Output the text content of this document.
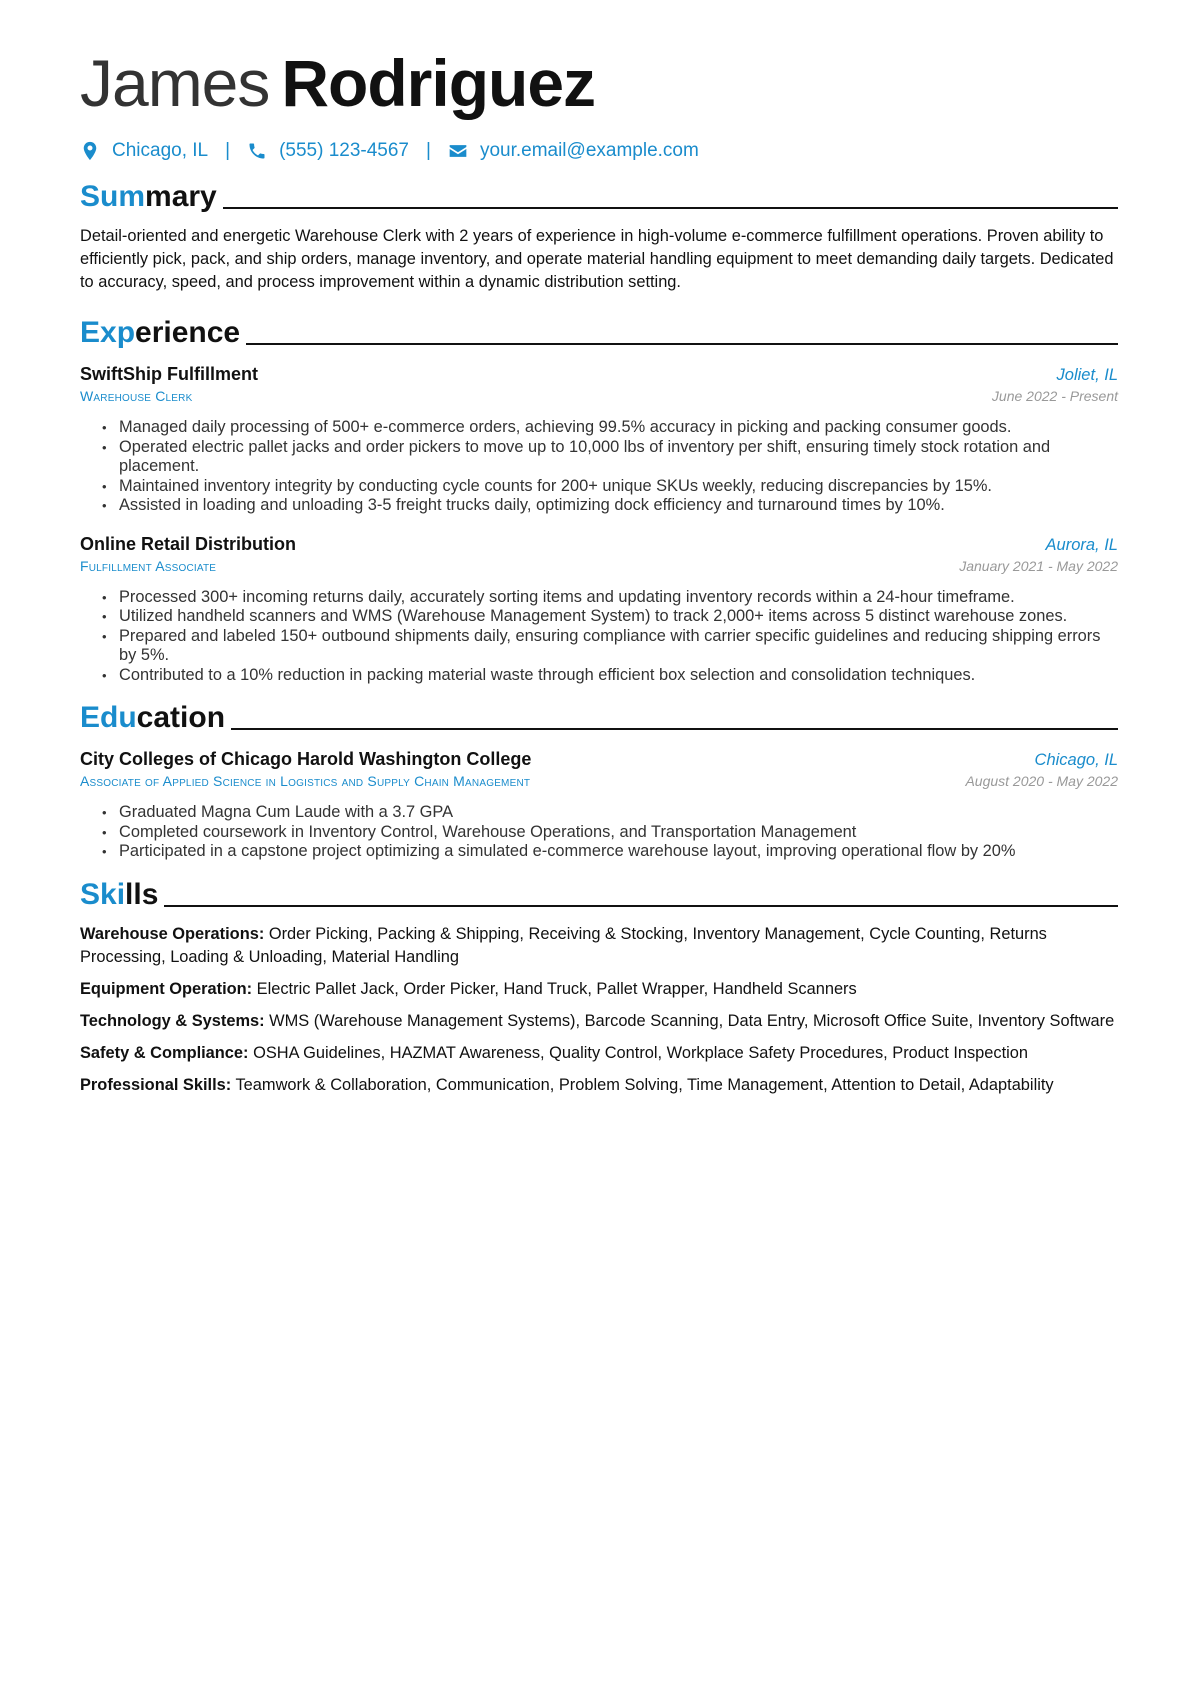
James Rodriguez
Chicago, IL |	(555) 123-4567 |	your.email@example.com
Summary
Detail-oriented and energetic Warehouse Clerk with 2 years of experience in high-volume e-commerce fulfillment operations. Proven ability to efficiently pick, pack, and ship orders, manage inventory, and operate material handling equipment to meet demanding daily targets. Dedicated to accuracy, speed, and process improvement within a dynamic distribution setting.
Experience
SwiftShip Fulfillment	Joliet, IL
Warehouse Clerk	June 2022 - Present
• Managed daily processing of 500+ e-commerce orders, achieving 99.5% accuracy in picking and packing consumer goods.
• Operated electric pallet jacks and order pickers to move up to 10,000 lbs of inventory per shift, ensuring timely stock rotation and placement.
• Maintained inventory integrity by conducting cycle counts for 200+ unique SKUs weekly, reducing discrepancies by 15%.
• Assisted in loading and unloading 3-5 freight trucks daily, optimizing dock efficiency and turnaround times by 10%.
Online Retail Distribution	Aurora, IL
Fulfillment Associate	January 2021 - May 2022
• Processed 300+ incoming returns daily, accurately sorting items and updating inventory records within a 24-hour timeframe.
• Utilized handheld scanners and WMS (Warehouse Management System) to track 2,000+ items across 5 distinct warehouse zones.
• Prepared and labeled 150+ outbound shipments daily, ensuring compliance with carrier specific guidelines and reducing shipping errors by 5%.
• Contributed to a 10% reduction in packing material waste through efficient box selection and consolidation techniques.
Education
City Colleges of Chicago Harold Washington College	Chicago, IL
Associate of Applied Science in Logistics and Supply Chain Management	August 2020 - May 2022
• Graduated Magna Cum Laude with a 3.7 GPA
• Completed coursework in Inventory Control, Warehouse Operations, and Transportation Management
• Participated in a capstone project optimizing a simulated e-commerce warehouse layout, improving operational flow by 20%
Skills
Warehouse Operations: Order Picking, Packing & Shipping, Receiving & Stocking, Inventory Management, Cycle Counting, Returns Processing, Loading & Unloading, Material Handling
Equipment Operation: Electric Pallet Jack, Order Picker, Hand Truck, Pallet Wrapper, Handheld Scanners
Technology & Systems: WMS (Warehouse Management Systems), Barcode Scanning, Data Entry, Microsoft Office Suite, Inventory Software
Safety & Compliance: OSHA Guidelines, HAZMAT Awareness, Quality Control, Workplace Safety Procedures, Product Inspection
Professional Skills: Teamwork & Collaboration, Communication, Problem Solving, Time Management, Attention to Detail, Adaptability
